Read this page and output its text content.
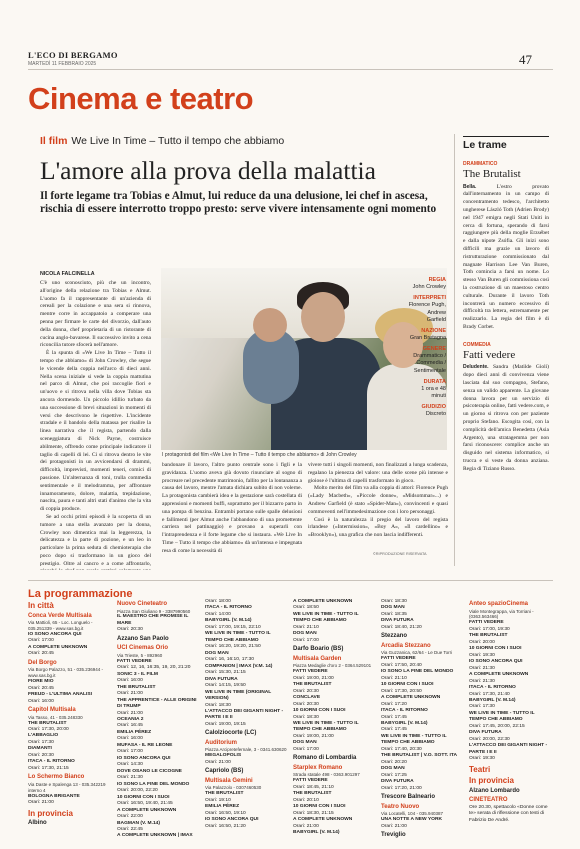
L'ECO DI BERGAMO
MARTEDÌ 11 FEBBRAIO 2025	47
Cinema e teatro
Il film We Live In Time – Tutto il tempo che abbiamo
L'amore alla prova della malattia
Il forte legame tra Tobias e Almut, lui reduce da una delusione, lei chef in ascesa, rischia di essere interrotto troppo presto: serve vivere intensamente ogni momento
NICOLA FALCINELLA

C'è uno sconosciuto, più che un incontro, all'origine della relazione tra Tobias e Almut. L'uomo fa il rappresentante di un'azienda di cereali per la colazione e una sera si rinnova, mentre corre in accappatoio a comperare una penna per firmare le carte del divorzio, dall'auto della donna, chef proprietaria di un ristorante di cucina anglo-bavarese. Il successivo invito a cena riconcilia tutore sfocerà nell'amore.

È la spunta di «We Live In Time – Tutto il tempo che abbiamo» di John Crowley, che segue le vicende della coppia nell'arco di dieci anni. Nella scena iniziale si vede la coppia mattutina nel parco di Almut, che poi raccoglie fiori e un'uovo e si ritrova nella villa dove Tobias sta ancora dormendo. Un piccolo idillio turbato da una successione di brevi situazioni in momenti di versi che descrivono le rispettive. L'incidente stradale e il bandolo della matassa per risalire la linea narrativa che il regista, partendo dalla sceneggiatura di Nick Payne, costruisce abilmente, offrendo come principale indicatore il taglio di capelli di lei. Ci si ritrova dentro le vite dei protagonisti in un avvicendarsi di drammi, difficoltà, imprevisti, momenti teneri, comici di passione. Un'alternanza di toni, trulla commedia sentimentale e il melodramma, per affrontare innamoramento, dolore, malattia, trepidazione, nascita, paura e tanti altri stati d'animo che la vita di coppia produce.

Se ad occhi primi episodi è la scoperta di un tumore a una stella avanzato per la donna, Crowley non dimentica mai la leggerezza, la delicatezza e la parte di pozione, e un leo in particolare la prima seduta di chemioterapia che poco dopo si trasformano in un gioco del prestigio. Oltre al cancro e a come affrontarlo,

I protagonisti del film «We Live In Time – Tutto il tempo che abbiamo» di John Crowley

bandonare il lavoro, l'altro punto centrale sono i figli e la gravidanza. L'uomo aveva già dovuto rinunciare al sogno di procreare nel precedente matrimonio, fallito per la lontananza a causa del lavoro, mentre l'amata dichiara subito di non volerne. La protagonista cambierà idea e la gestazione sarà costellata di apprensioni e momenti buffi, soprattutto per il bizzarro parto in una pompa di benzina. Entrambi portano sulle spalle delusioni e fallimenti (per Almut anche l'abbandono di una promettente carriera nel pattinaggio) e provano a superarli con l'intraprendenza e il forte legame che si instaura. «We Live In Time – Tutto il tempo che abbiamo» dà un'intensa e impegnata resa di come la necessità di

vivere tutti i singoli momenti, non finalizzati a lunga scadenza, regalano la pienezza del valore: una delle scene più intense e gioiose è l'ultima di capelli trasformato in gioco.

Molto merito del film va alla coppia di attori: Florence Pugh («Lady Macbeth», «Piccole donne», «Midsommar»...) e Andrew Garfield (è stato «Spider-Man»), convincenti e quasi commoventi nell'immedesimazione con i loro personaggi.

Così è la naturalezza il pregio del lavoro del regista irlandese («Intermission», «Boy A», «Il cardellino» e «Brooklyn»), una grafica che non lascia indifferenti.

©RIPRODUZIONE RISERVATA
REGIA
John Crowley
INTERPRETI
Florence Pugh, Andrew Garfield
NAZIONE
Gran Bretagna
GENERE
Drammatico / Commedia / Sentimentale
DURATA
1 ora e 48 minuti
GIUDIZIO
Discreto
Le trame
DRAMMATICO
The Brutalist
Bella. L'estro provato dall'internamento in un campo di concentramento tedesco, l'architetto ungherese László Toth (Adrien Brody) nel 1947 emigra negli Stati Uniti in cerca di fortuna, sperando di farsi raggiungere più della moglie Erzsébet e dalla nipote Zsófia. Gli inizi sono difficili ma grazie un lavoro di ristrutturazione commissionato dal magnate Harrison Lee Van Buren, Toth comincia a farsi un nome. Lo stesso Van Buren gli commissiona così la costruzione di un maestoso centro culturale. Durante il lavoro Toth incontrerà un numero eccessivo di difficoltà tra lettera, estremamente per realizzarlo. La regia del film è di Brady Corbet.
COMMEDIA
Fatti vedere
Deludente. Sandra (Matilde Gioli) dopo dieci anni di convivenza viene lasciata dal suo compagno, Stefano, senza un valido apparente. La giovane donna lavora per un servizio di psicoterapia online, fatti vedere.com, e un giorno si ritrova con per paziente proprio Stefano. Escogita così, con la complicità dell'amica Benedetta (Asia Argento), una stratagemma per non farsi riconoscere: complice anche un disguido nel sistema informatico, si trucca e si veste da donna anziana. Regia di Tiziano Russo.
La programmazione
In città
Conca Verde Multisala
Via Mattioli, 65 - Loc. Longuelo - 035.251339 - www.sas.bg.it
IO SONO ANCORA QUI
Orari: 17:00
A COMPLETE UNKNOWN
Orari: 20:45
Del Borgo
Via Borgo Palazzo, 51 - 035.236944 - www.sas.bg.it
FIORE MIO
Orari: 20:45
FREUD - L'ULTIMA ANALISI
Orari: 16:00
Capitol Multisala
Via Tasso, 41 - 035.248330
THE BRUTALIST
Orari: 17:30, 20:00
L'ABBAGLIO
Orari: 17:30
DIAMANTI
Orari: 20:30
ITACA - IL RITORNO
Orari: 17:30, 21:15
Lo Schermo Bianco
Via Daste e Spalenga 13 - 035.342219 interno 4
BOLOGNA BRIGANTE
Orari: 21:00
In provincia
Albino
Nuovo Cineteatro
Piazza San Giuliano 9 - 3387990560
IL MAESTRO CHE PROMISE IL MARE
Orari: 20:30
Azzano San Paolo
UCI Cinemas Orio
Via Trieste, 5 - 892960
FATTI VEDERE
Orari: 12, 16, 16:35, 19, 20, 21:20
SONIC 3 - IL FILM
Orari: 16:00
THE BRUTALIST
Orari: 21:00
THE APPRENTICE - ALLE ORIGINI DI TRUMP
Orari: 21:00
OCEANIA 2
Orari: 16:45
EMILIA PÉREZ
Orari: 16:00
MUFASA - IL RE LEONE
Orari: 17:00
IO SONO ANCORA QUI
Orari: 14:30
DOVE OSANO LE CICOGNE
Orari: 21:30
IO SONO LA FINE DEL MONDO
Orari: 20:00, 22:20
10 GIORNI CON I SUOI
Orari: 16:50, 19:40, 21:45
A COMPLETE UNKNOWN
Orari: 22:00
BAGMAN (V. M.14)
Orari: 22:45
A COMPLETE UNKNOWN | IMAX
Orari: 18:00
ITACA - IL RITORNO
Orari: 14:00
BABYGIRL (V. M.14)
Orari: 17:00, 19:15, 22:10
WE LIVE IN TIME - TUTTO IL TEMPO CHE ABBIAMO
Orari: 16:20, 19:20, 21:50
DOG MAN
Orari: 16, 16:10, 17:30
COMPANION | IMAX (V.M. 14)
Orari: 15:30, 21:15
DIVA FUTURA
Orari: 14:15, 19:50
WE LIVE IN TIME (ORIGINAL VERSION)
Orari: 18:30
L'ATTACCO DEI GIGANTI NIGHT - PARTE I E II
Orari: 19:00, 19:15
Calolziocorte (LC)
Auditorium
Piazza Arcipretefernale, 3 - 0341.630620
MEGALOPOLIS
Orari: 21:00
Capriolo (BS)
Multisala Gemini
Via Palazzolo - 0307460530
THE BRUTALIST
Orari: 19:10
EMILIA PÉREZ
Orari: 16:50, 19:10
IO SONO ANCORA QUI
Orari: 16:50, 21:20
A COMPLETE UNKNOWN
Orari: 18:50
WE LIVE IN TIME - TUTTO IL TEMPO CHE ABBIAMO
Orari: 21:10
DOG MAN
Orari: 17:00
Darfo Boario (BS)
Multisala Garden
Piazza Medaglie d'oro 2 - 0364.529101
FATTI VEDERE
Orari: 19:00, 21:00
THE BRUTALIST
Orari: 20:30
CONCLAVE
Orari: 20:30
10 GIORNI CON I SUOI
Orari: 18:30
WE LIVE IN TIME - TUTTO IL TEMPO CHE ABBIAMO
Orari: 19:00, 21:00
DOG MAN
Orari: 17:00
Romano di Lombardia
Starplex Romano
Strada statale 498 - 0363.901297
FATTI VEDERE
Orari: 18:45, 21:10
THE BRUTALIST
Orari: 20:10
10 GIORNI CON I SUOI
Orari: 18:30, 21:15
A COMPLETE UNKNOWN
Orari: 21:00
BABYGIRL (V. M.14)
Orari: 18:30
DOG MAN
Orari: 18:35
DIVA FUTURA
Orari: 18:40, 21:20
Stezzano
Arcadia Stezzano
Via Guzzanica, 62/64 - Le Due Torri
FATTI VEDERE
Orari: 17:50, 20:40
IO SONO LA FINE DEL MONDO
Orari: 21:10
10 GIORNI CON I SUOI
Orari: 17:30, 20:50
A COMPLETE UNKNOWN
Orari: 17:20
ITACA - IL RITORNO
Orari: 17:45
BABYGIRL (V. M.14)
Orari: 17:45
WE LIVE IN TIME - TUTTO IL TEMPO CHE ABBIAMO
Orari: 17:40, 20:30
THE BRUTALIST | V.O. SOTT. ITA
Orari: 20:20
DOG MAN
Orari: 17:25
DIVA FUTURA
Orari: 17:20, 21:00
Trescore Balneario
Teatro Nuovo
Via Locatelli, 104 - 035.940387
UNA NOTTE A NEW YORK
Orari: 21:00
Treviglio
Anteo spazioCinema
Viale Montegrappa, via Torriani - (0363.563466)
FATTI VEDERE
Orari: 17:00, 19:30
THE BRUTALIST
Orari: 20:00
10 GIORNI CON I SUOI
Orari: 19:30
IO SONO ANCORA QUI
Orari: 21:30
A COMPLETE UNKNOWN
Orari: 21:30
ITACA - IL RITORNO
Orari: 17:30, 21:40
BABYGIRL (V. M.14)
Orari: 17:30
WE LIVE IN TIME - TUTTO IL TEMPO CHE ABBIAMO
Orari: 17:45, 20:00, 22:15
DIVA FUTURA
Orari: 20:00, 22:30
L'ATTACCO DEI GIGANTI NIGHT - PARTE I E II
Orari: 19:30
Teatri
In provincia
Alzano Lombardo
CINETEATRO
Ore 20.30, spettacolo «Donne come te» serata di riflessione con testi di Fabrizio De André.
